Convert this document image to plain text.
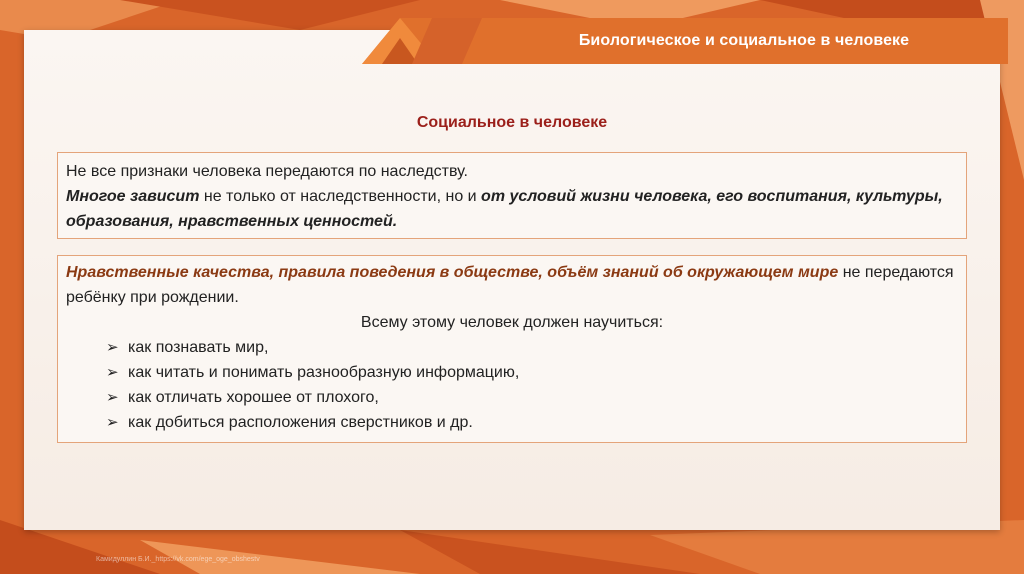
Биологическое и социальное в человеке
Социальное в человеке
Не все признаки человека передаются по наследству.
Многое зависит не только от наследственности, но и от условий жизни человека, его воспитания, культуры, образования, нравственных ценностей.
Нравственные качества, правила поведения в обществе, объём знаний об окружающем мире не передаются ребёнку при рождении.
Всему этому человек должен научиться:
➢ как познавать мир,
➢ как читать и понимать разнообразную информацию,
➢ как отличать хорошее от плохого,
➢ как добиться расположения сверстников и др.
Камидуллин Б.И._https://vk.com/ege_oge_obshestv
